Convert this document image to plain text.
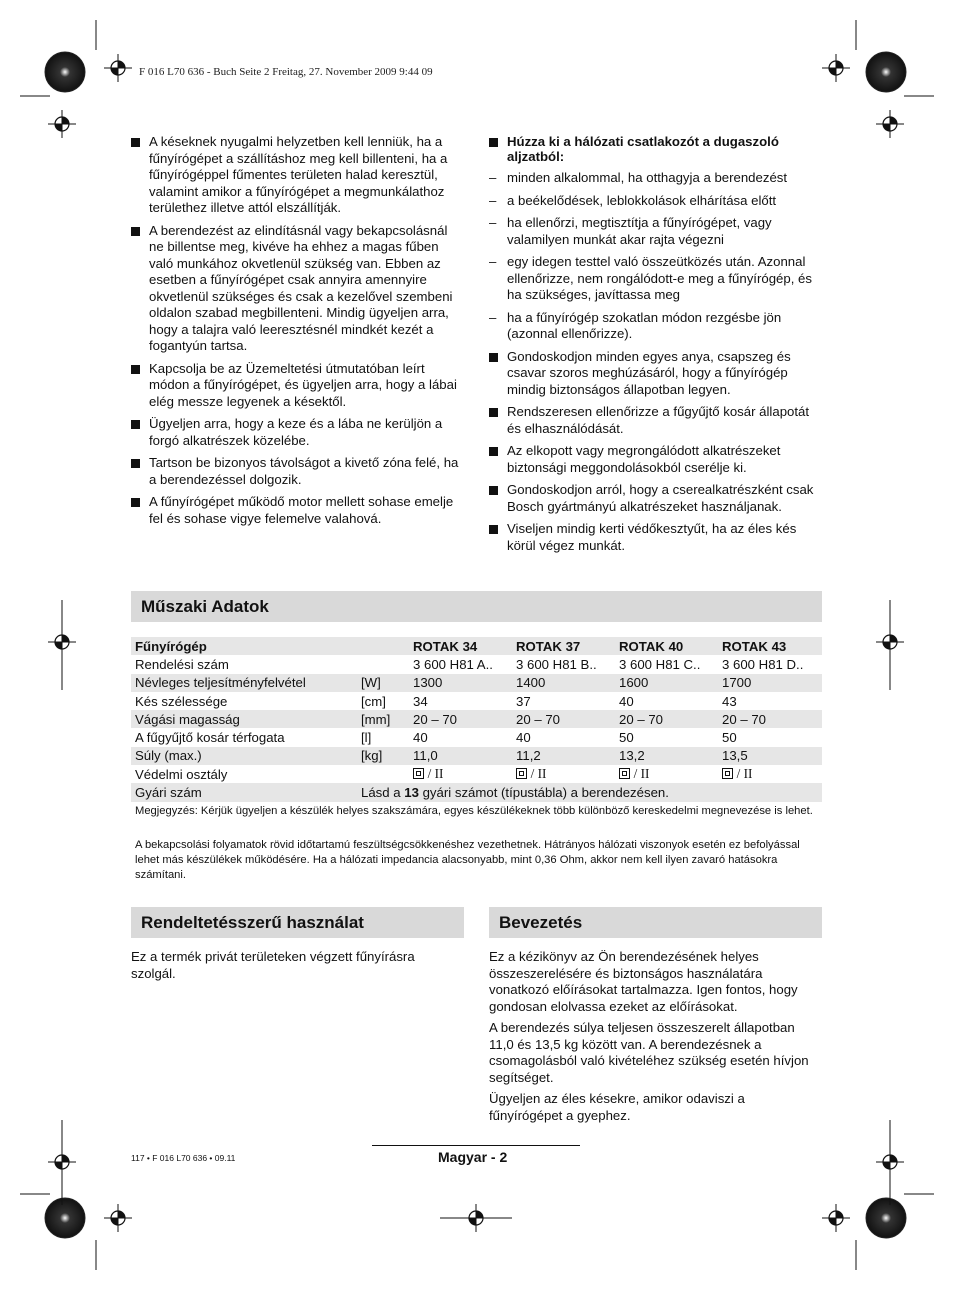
F 016 L70 636 - Buch Seite 2 Freitag, 27. November 2009 9:44 09
A késeknek nyugalmi helyzetben kell lenniük, ha a fűnyírógépet a szállításhoz meg kell billenteni, ha a fűnyírógéppel fűmentes területen halad keresztül, valamint amikor a fűnyírógépet a megmunkálathoz területhez illetve attól elszállítják.
A berendezést az elindításnál vagy bekapcsolásnál ne billentse meg, kivéve ha ehhez a magas fűben való munkához okvetlenül szükség van. Ebben az esetben a fűnyírógépet csak annyira amennyire okvetlenül szükséges és csak a kezelővel szembeni oldalon szabad megbillenteni. Mindig ügyeljen arra, hogy a talajra való leeresztésnél mindkét kezét a fogantyún tartsa.
Kapcsolja be az Üzemeltetési útmutatóban leírt módon a fűnyírógépet, és ügyeljen arra, hogy a lábai elég messze legyenek a késektől.
Ügyeljen arra, hogy a keze és a lába ne kerüljön a forgó alkatrészek közelébe.
Tartson be bizonyos távolságot a kivető zóna felé, ha a berendezéssel dolgozik.
A fűnyírógépet működő motor mellett sohase emelje fel és sohase vigye felemelve valahová.
Húzza ki a hálózati csatlakozót a dugaszoló aljzatból:
– minden alkalommal, ha otthagyja a berendezést
– a beékelődések, leblokkolások elhárítása előtt
– ha ellenőrzi, megtisztítja a fűnyírógépet, vagy valamilyen munkát akar rajta végezni
– egy idegen testtel való összeütközés után. Azonnal ellenőrizze, nem rongálódott-e meg a fűnyírógép, és ha szükséges, javíttassa meg
– ha a fűnyírógép szokatlan módon rezgésbe jön (azonnal ellenőrizze).
Gondoskodjon minden egyes anya, csapszeg és csavar szoros meghúzásáról, hogy a fűnyírógép mindig biztonságos állapotban legyen.
Rendszeresen ellenőrizze a fűgyűjtő kosár állapotát és elhasználódását.
Az elkopott vagy megrongálódott alkatrészeket biztonsági meggondolásokból cserélje ki.
Gondoskodjon arról, hogy a cserealkatrészként csak Bosch gyártmányú alkatrészeket használjanak.
Viseljen mindig kerti védőkesztyűt, ha az éles kés körül végez munkát.
Műszaki Adatok
Fűnyírógép		ROTAK 34	ROTAK 37	ROTAK 40	ROTAK 43
Rendelési szám		3 600 H81 A..	3 600 H81 B..	3 600 H81 C..	3 600 H81 D..
Névleges teljesítményfelvétel	[W]	1300	1400	1600	1700
Kés szélessége	[cm]	34	37	40	43
Vágási magasság	[mm]	20 – 70	20 – 70	20 – 70	20 – 70
A fűgyűjtő kosár térfogata	[l]	40	40	50	50
Súly (max.)	[kg]	11,0	11,2	13,2	13,5
Védelmi osztály		/ II	/ II	/ II	/ II
Gyári szám	Lásd a 13 gyári számot (típustábla) a berendezésen.				
Megjegyzés: Kérjük ügyeljen a készülék helyes szakszámára, egyes készülékeknek több különböző kereskedelmi megnevezése is lehet.
A bekapcsolási folyamatok rövid időtartamú feszültségcsökkenéshez vezethetnek. Hátrányos hálózati viszonyok esetén ez befolyással lehet más készülékek működésére. Ha a hálózati impedancia alacsonyabb, mint 0,36 Ohm, akkor nem kell ilyen zavaró hatásokra számítani.
Rendeltetésszerű használat
Ez a termék privát területeken végzett fűnyírásra szolgál.
Bevezetés
Ez a kézikönyv az Ön berendezésének helyes összeszerelésére és biztonságos használatára vonatkozó előírásokat tartalmazza. Igen fontos, hogy gondosan elolvassa ezeket az előírásokat.
A berendezés súlya teljesen összeszerelt állapotban 11,0 és 13,5 kg között van. A berendezésnek a csomagolásból való kivételéhez szükség esetén hívjon segítséget.
Ügyeljen az éles késekre, amikor odaviszi a fűnyírógépet a gyephez.
117 • F 016 L70 636 • 09.11	Magyar - 2
